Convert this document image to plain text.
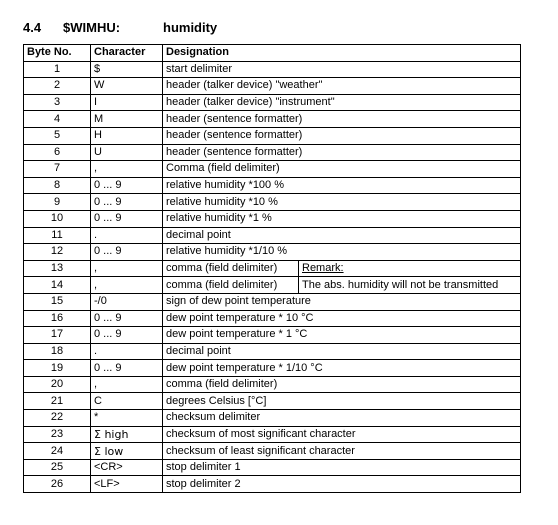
4.4 $WIMHU:	humidity
Byte No.	Character	Designation	
1	$	start delimiter	
2	W	header (talker device) "weather"	
3	I	header (talker device) "instrument"	
4	M	header (sentence formatter)	
5	H	header (sentence formatter)	
6	U	header (sentence formatter)	
7	,	Comma (field delimiter)	
8	0 ... 9	relative humidity *100 %	
9	0 ... 9	relative humidity *10 %	
10	0 ... 9	relative humidity *1 %	
11	.	decimal point	
12	0 ... 9	relative humidity *1/10 %	
13	,	comma (field delimiter)	Remark:
14	,	comma (field delimiter)	The abs. humidity will not be transmitted
15	-/0	sign of dew point temperature	
16	0 ... 9	dew point temperature * 10 °C	
17	0 ... 9	dew point temperature * 1 °C	
18	.	decimal point	
19	0 ... 9	dew point temperature * 1/10 °C	
20	,	comma (field delimiter)	
21	C	degrees Celsius [°C]	
22	*	checksum delimiter	
23	Σ high	checksum of most significant character	
24	Σ low	checksum of least significant character	
25	<CR>	stop delimiter 1	
26	<LF>	stop delimiter 2	
